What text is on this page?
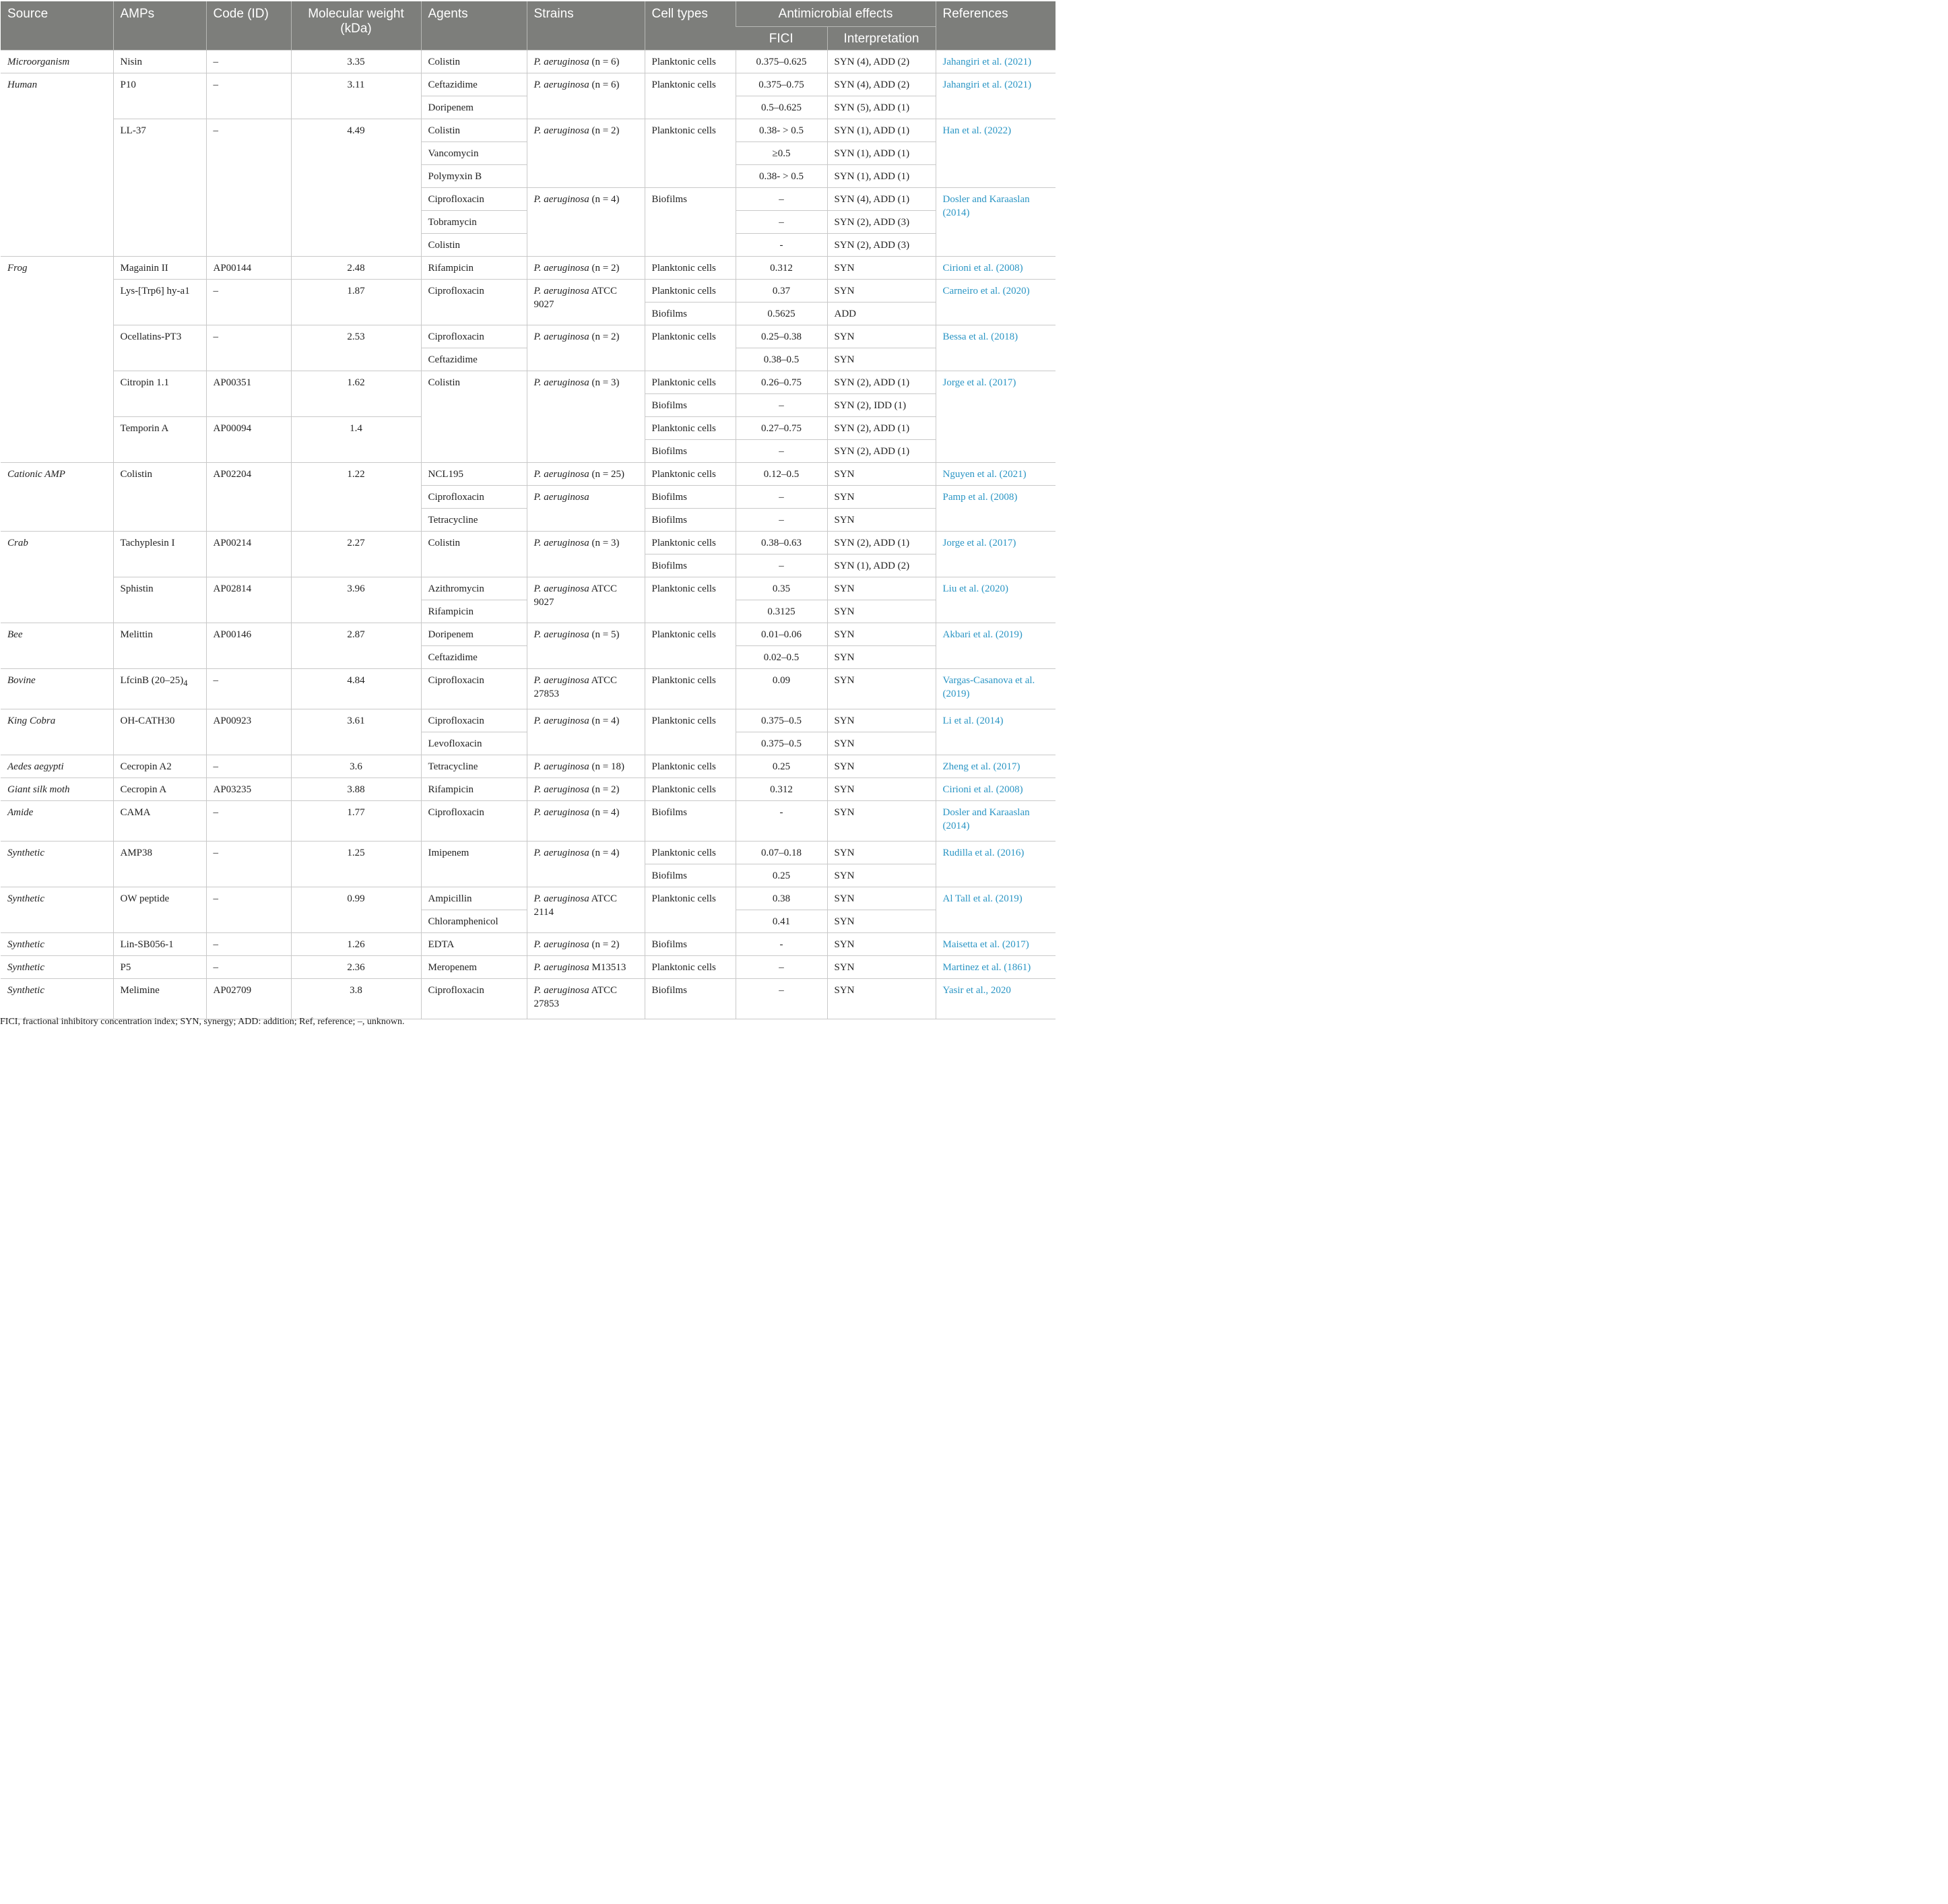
Source	AMPs	Code (ID)	Molecular weight (kDa)	Agents	Strains	Cell types	Antimicrobial effects		References
							FICI	Interpretation	
Microorganism	Nisin	–	3.35	Colistin	P. aeruginosa (n = 6)	Planktonic cells	0.375–0.625	SYN (4), ADD (2)	Jahangiri et al. (2021)
Human	P10	–	3.11	Ceftazidime	P. aeruginosa (n = 6)	Planktonic cells	0.375–0.75	SYN (4), ADD (2)	Jahangiri et al. (2021)
				Doripenem			0.5–0.625	SYN (5), ADD (1)	
	LL-37	–	4.49	Colistin	P. aeruginosa (n = 2)	Planktonic cells	0.38- > 0.5	SYN (1), ADD (1)	Han et al. (2022)
				Vancomycin			≥0.5	SYN (1), ADD (1)	
				Polymyxin B			0.38- > 0.5	SYN (1), ADD (1)	
				Ciprofloxacin	P. aeruginosa (n = 4)	Biofilms	–	SYN (4), ADD (1)	Dosler and Karaaslan (2014)
				Tobramycin			–	SYN (2), ADD (3)	
				Colistin			-	SYN (2), ADD (3)	
Frog	Magainin II	AP00144	2.48	Rifampicin	P. aeruginosa (n = 2)	Planktonic cells	0.312	SYN	Cirioni et al. (2008)
	Lys-[Trp6] hy-a1	–	1.87	Ciprofloxacin	P. aeruginosa ATCC 9027	Planktonic cells	0.37	SYN	Carneiro et al. (2020)
						Biofilms	0.5625	ADD	
	Ocellatins-PT3	–	2.53	Ciprofloxacin	P. aeruginosa (n = 2)	Planktonic cells	0.25–0.38	SYN	Bessa et al. (2018)
				Ceftazidime			0.38–0.5	SYN	
	Citropin 1.1	AP00351	1.62	Colistin	P. aeruginosa (n = 3)	Planktonic cells	0.26–0.75	SYN (2), ADD (1)	Jorge et al. (2017)
						Biofilms	–	SYN (2), IDD (1)	
	Temporin A	AP00094	1.4			Planktonic cells	0.27–0.75	SYN (2), ADD (1)	
						Biofilms	–	SYN (2), ADD (1)	
Cationic AMP	Colistin	AP02204	1.22	NCL195	P. aeruginosa (n = 25)	Planktonic cells	0.12–0.5	SYN	Nguyen et al. (2021)
				Ciprofloxacin	P. aeruginosa	Biofilms	–	SYN	Pamp et al. (2008)
				Tetracycline		Biofilms	–	SYN	
Crab	Tachyplesin I	AP00214	2.27	Colistin	P. aeruginosa (n = 3)	Planktonic cells	0.38–0.63	SYN (2), ADD (1)	Jorge et al. (2017)
						Biofilms	–	SYN (1), ADD (2)	
	Sphistin	AP02814	3.96	Azithromycin	P. aeruginosa ATCC 9027	Planktonic cells	0.35	SYN	Liu et al. (2020)
				Rifampicin			0.3125	SYN	
Bee	Melittin	AP00146	2.87	Doripenem	P. aeruginosa (n = 5)	Planktonic cells	0.01–0.06	SYN	Akbari et al. (2019)
				Ceftazidime			0.02–0.5	SYN	
Bovine	LfcinB $(20-25)_4$	–	4.84	Ciprofloxacin	P. aeruginosa ATCC 27853	Planktonic cells	0.09	SYN	Vargas-Casanova et al. (2019)
King Cobra	OH-CATH30	AP00923	3.61	Ciprofloxacin	P. aeruginosa (n = 4)	Planktonic cells	0.375–0.5	SYN	Li et al. (2014)
				Levofloxacin			0.375–0.5	SYN	
Aedes aegypti	Cecropin A2	–	3.6	Tetracycline	P. aeruginosa (n = 18)	Planktonic cells	0.25	SYN	Zheng et al. (2017)
Giant silk moth	Cecropin A	AP03235	3.88	Rifampicin	P. aeruginosa (n = 2)	Planktonic cells	0.312	SYN	Cirioni et al. (2008)
Amide	CAMA	–	1.77	Ciprofloxacin	P. aeruginosa (n = 4)	Biofilms	-	SYN	Dosler and Karaaslan (2014)
Synthetic	AMP38	–	1.25	Imipenem	P. aeruginosa (n = 4)	Planktonic cells	0.07–0.18	SYN	Rudilla et al. (2016)
						Biofilms	0.25	SYN	
Synthetic	OW peptide	–	0.99	Ampicillin	P. aeruginosa ATCC 2114	Planktonic cells	0.38	SYN	Al Tall et al. (2019)
				Chloramphenicol			0.41	SYN	
Synthetic	Lin-SB056-1	–	1.26	EDTA	P. aeruginosa (n = 2)	Biofilms	-	SYN	Maisetta et al. (2017)
Synthetic	P5	–	2.36	Meropenem	P. aeruginosa M13513	Planktonic cells	–	SYN	Martinez et al. (1861)
Synthetic	Melimine	AP02709	3.8	Ciprofloxacin	P. aeruginosa ATCC 27853	Biofilms	–	SYN	Yasir et al., 2020
FICI, fractional inhibitory concentration index; SYN, synergy; ADD: addition; Ref, reference; –, unknown.
